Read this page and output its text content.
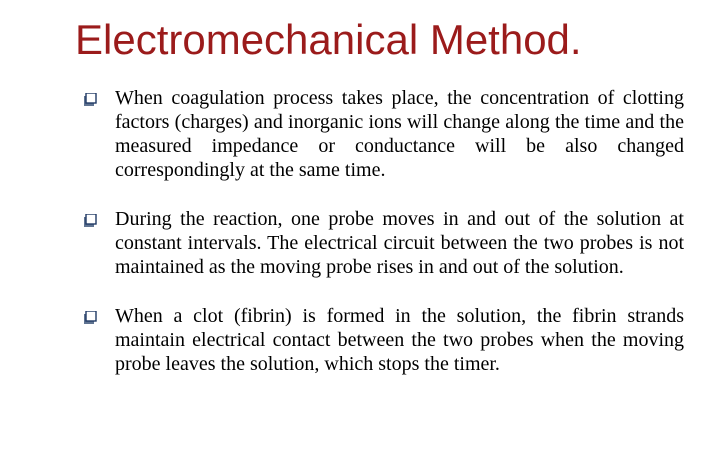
Electromechanical Method.
When coagulation process takes place, the concentration of clotting factors (charges) and inorganic ions will change along the time and the measured impedance or conductance will be also changed correspondingly at the same time.
During the reaction, one probe moves in and out of the solution at constant intervals. The electrical circuit between the two probes is not maintained as the moving probe rises in and out of the solution.
When a clot (fibrin) is formed in the solution, the fibrin strands maintain electrical contact between the two probes when the moving probe leaves the solution, which stops the timer.
